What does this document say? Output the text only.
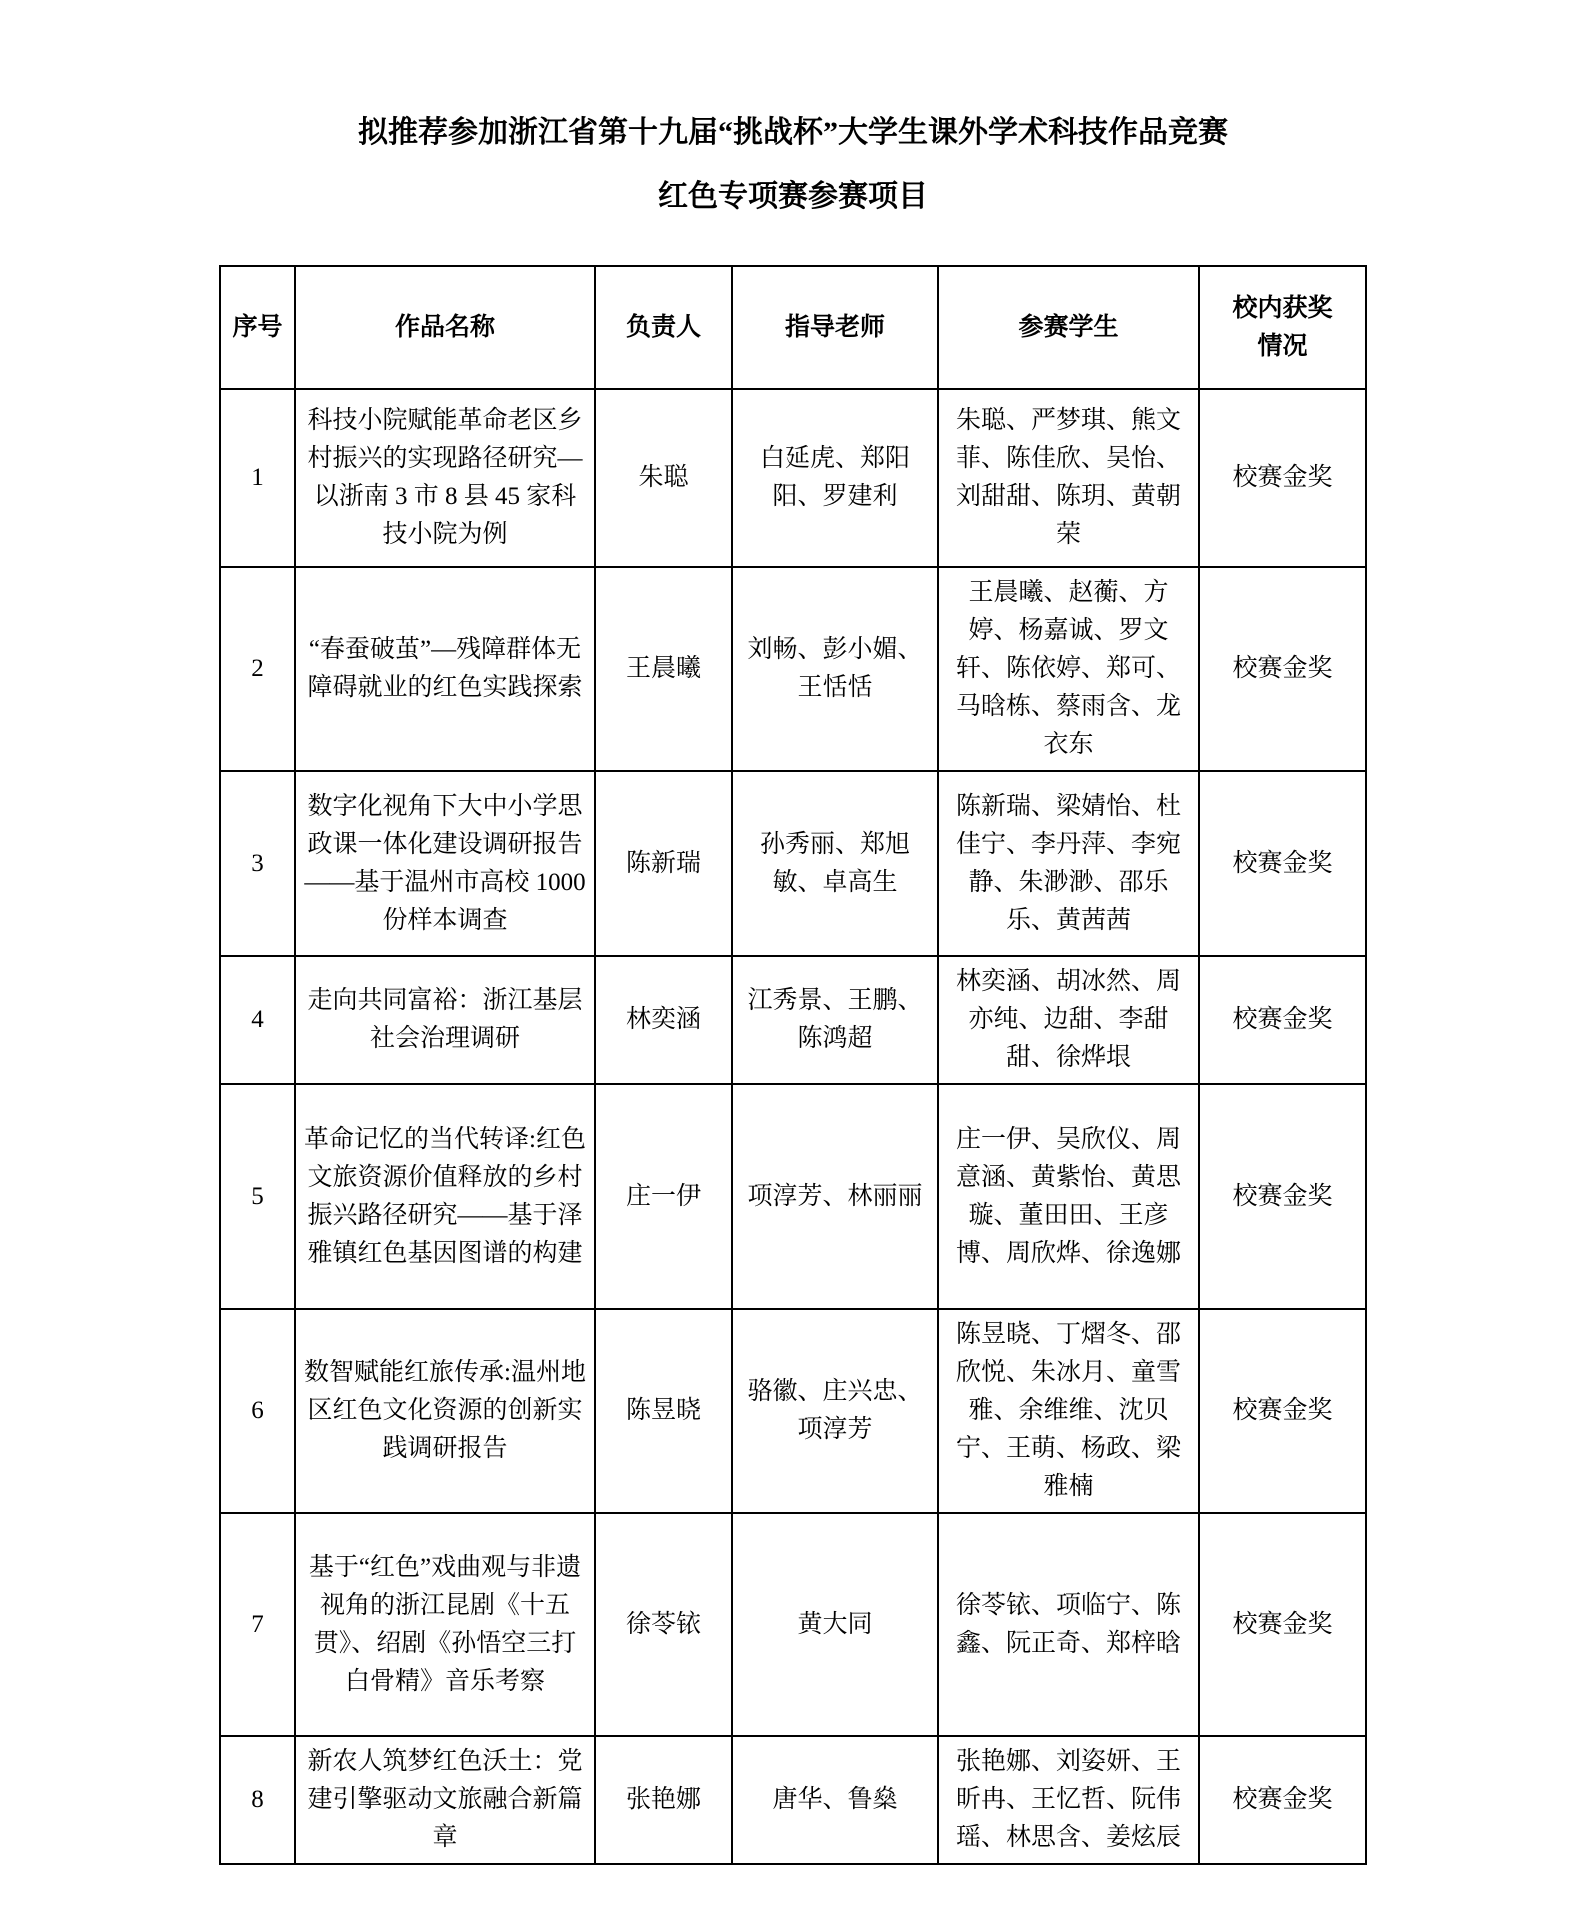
拟推荐参加浙江省第十九届“挑战杯”大学生课外学术科技作品竞赛
红色专项赛参赛项目
序号	作品名称	负责人	指导老师	参赛学生	校内获奖情况
1	科技小院赋能革命老区乡村振兴的实现路径研究—以浙南 3 市 8 县 45 家科技小院为例	朱聪	白延虎、郑阳阳、罗建利	朱聪、严梦琪、熊文菲、陈佳欣、吴怡、刘甜甜、陈玥、黄朝荣	校赛金奖
2	“春蚕破茧”—残障群体无障碍就业的红色实践探索	王晨曦	刘畅、彭小媚、王恬恬	王晨曦、赵蘅、方婷、杨嘉诚、罗文轩、陈依婷、郑可、马晗栋、蔡雨含、龙衣东	校赛金奖
3	数字化视角下大中小学思政课一体化建设调研报告——基于温州市高校 1000 份样本调查	陈新瑞	孙秀丽、郑旭敏、卓高生	陈新瑞、梁婧怡、杜佳宁、李丹萍、李宛静、朱渺渺、邵乐乐、黄茜茜	校赛金奖
4	走向共同富裕：浙江基层社会治理调研	林奕涵	江秀景、王鹏、陈鸿超	林奕涵、胡冰然、周亦纯、边甜、李甜甜、徐烨垠	校赛金奖
5	革命记忆的当代转译:红色文旅资源价值释放的乡村振兴路径研究——基于泽雅镇红色基因图谱的构建	庄一伊	项淳芳、林丽丽	庄一伊、吴欣仪、周意涵、黄紫怡、黄思璇、董田田、王彦博、周欣烨、徐逸娜	校赛金奖
6	数智赋能红旅传承:温州地区红色文化资源的创新实践调研报告	陈昱晓	骆徽、庄兴忠、项淳芳	陈昱晓、丁熠冬、邵欣悦、朱冰月、童雪雅、余维维、沈贝宁、王萌、杨政、梁雅楠	校赛金奖
7	基于“红色”戏曲观与非遗视角的浙江昆剧《十五贯》、绍剧《孙悟空三打白骨精》音乐考察	徐苓铱	黄大同	徐苓铱、项临宁、陈鑫、阮正奇、郑梓晗	校赛金奖
8	新农人筑梦红色沃土：党建引擎驱动文旅融合新篇章	张艳娜	唐华、鲁燊	张艳娜、刘姿妍、王昕冉、王忆哲、阮伟瑶、林思含、姜炫辰	校赛金奖
